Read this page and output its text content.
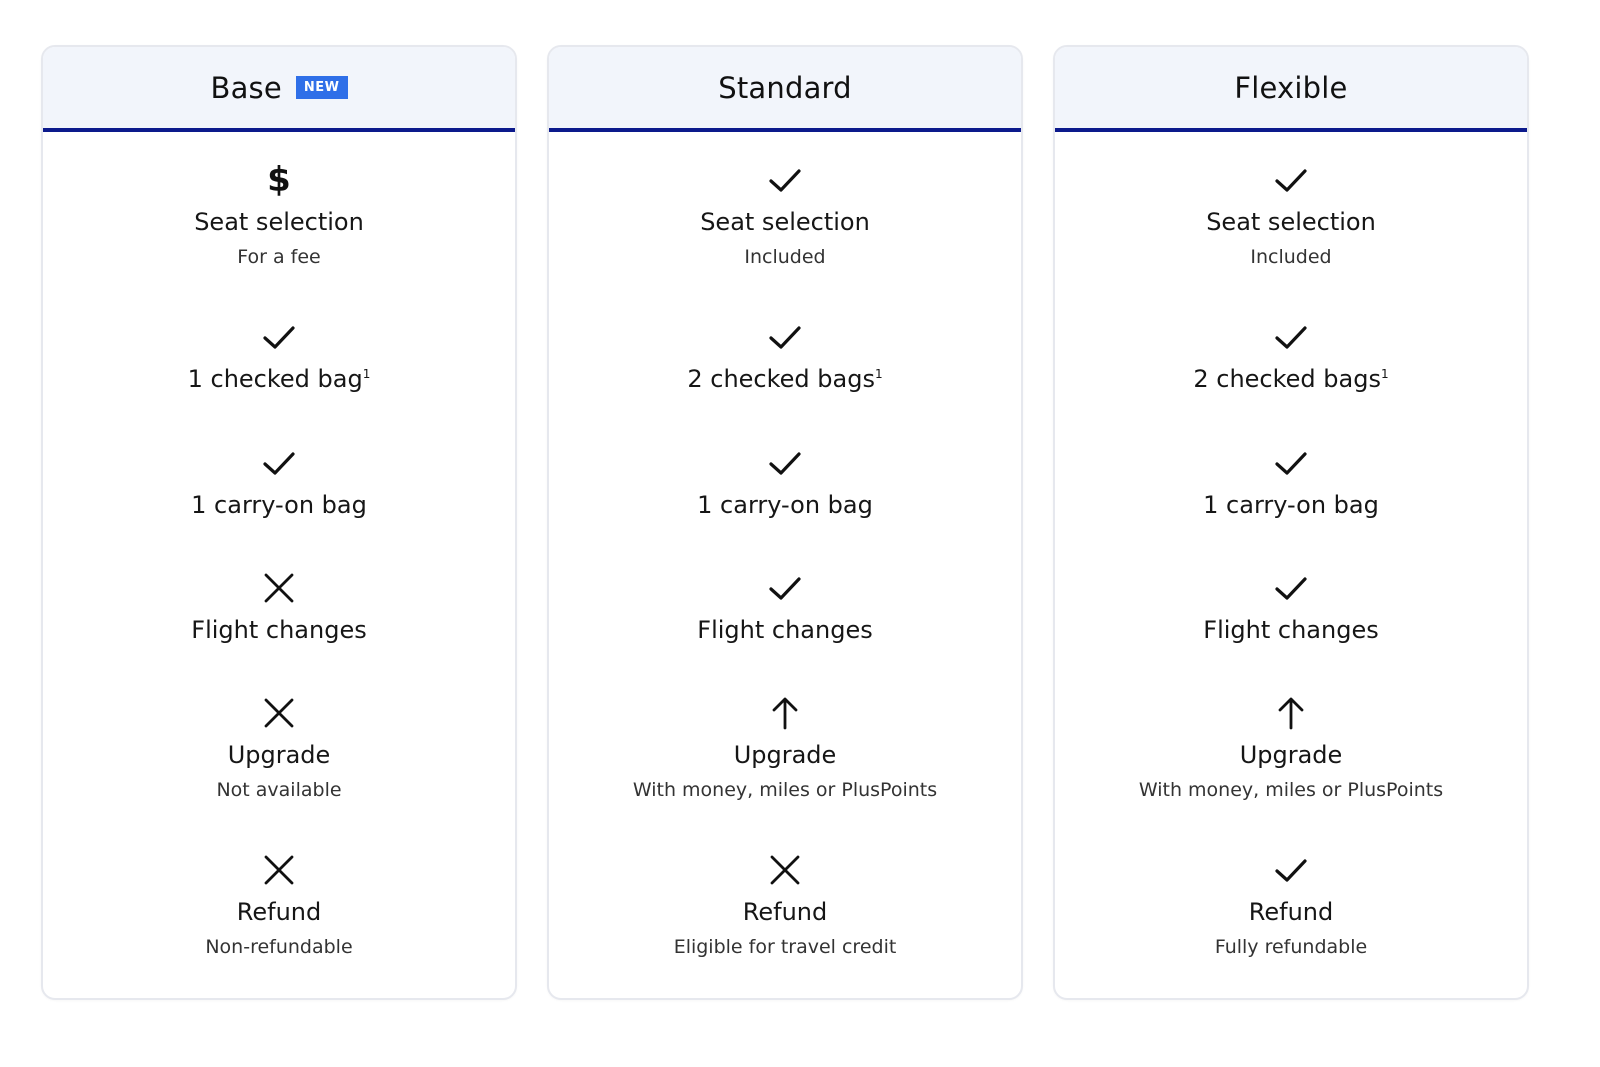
Base	NEW
$
Seat selection
For a fee
1 checked bag$^1$
1 carry-on bag
Flight changes
Upgrade
Not available
Refund
Non-refundable
Standard
Seat selection
Included
2 checked bags$^1$
1 carry-on bag
Flight changes
Upgrade
With money, miles or PlusPoints
Refund
Eligible for travel credit
Flexible
Seat selection
Included
2 checked bags$^1$
1 carry-on bag
Flight changes
Upgrade
With money, miles or PlusPoints
Refund
Fully refundable
